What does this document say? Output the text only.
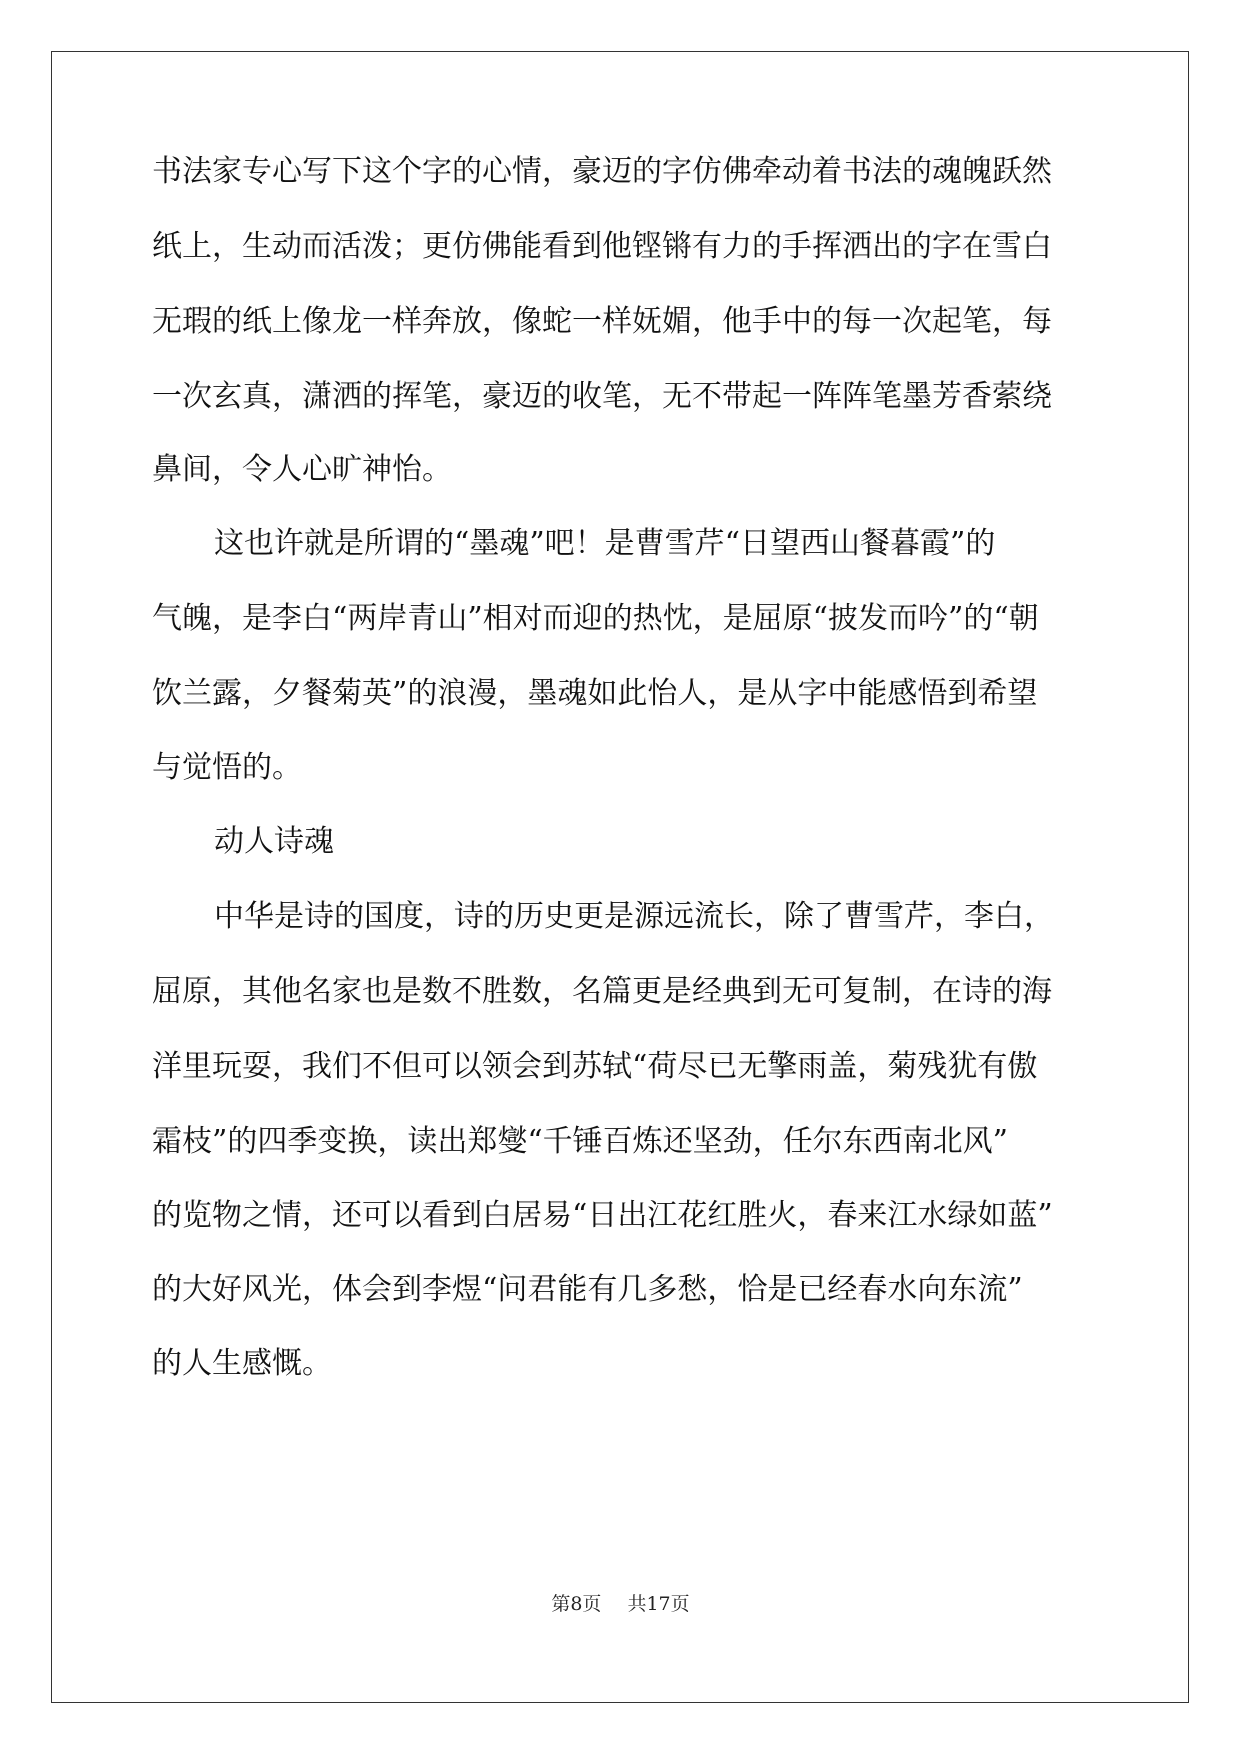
书法家专心写下这个字的心情，豪迈的字仿佛牵动着书法的魂魄跃然
纸上，生动而活泼；更仿佛能看到他铿锵有力的手挥洒出的字在雪白
无瑕的纸上像龙一样奔放，像蛇一样妩媚，他手中的每一次起笔，每
一次玄真，潇洒的挥笔，豪迈的收笔，无不带起一阵阵笔墨芳香萦绕
鼻间，令人心旷神怡。
这也许就是所谓的“墨魂”吧！是曹雪芹“日望西山餐暮霞”的
气魄，是李白“两岸青山”相对而迎的热忱，是屈原“披发而吟”的“朝
饮兰露，夕餐菊英”的浪漫，墨魂如此怡人，是从字中能感悟到希望
与觉悟的。
动人诗魂
中华是诗的国度，诗的历史更是源远流长，除了曹雪芹，李白，
屈原，其他名家也是数不胜数，名篇更是经典到无可复制，在诗的海
洋里玩耍，我们不但可以领会到苏轼“荷尽已无擎雨盖，菊残犹有傲
霜枝”的四季变换，读出郑燮“千锤百炼还坚劲，任尔东西南北风”
的览物之情，还可以看到白居易“日出江花红胜火，春来江水绿如蓝”
的大好风光，体会到李煜“问君能有几多愁，恰是已经春水向东流”
的人生感慨。
第8页 共17页
